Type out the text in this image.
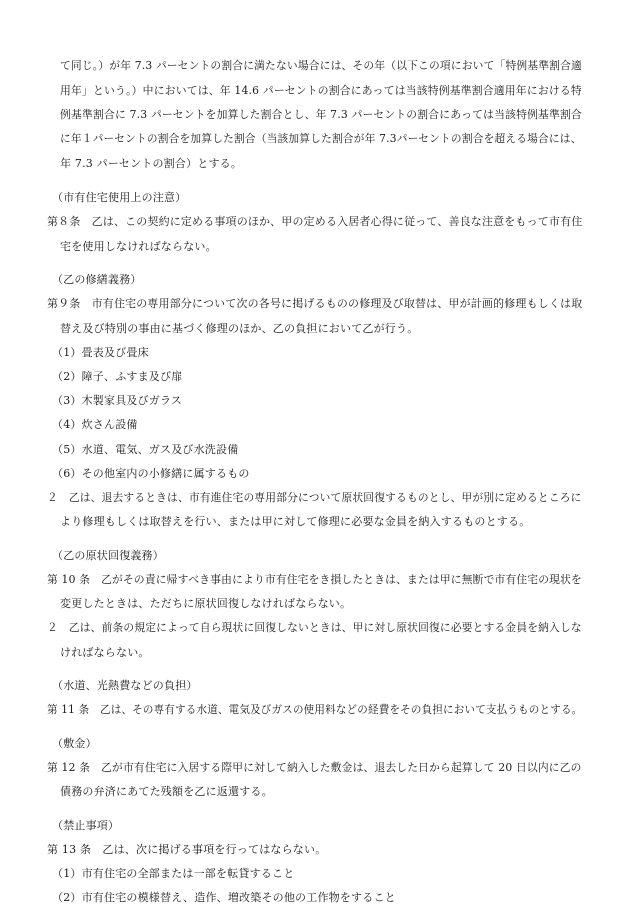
て同じ。）が年 7.3 パーセントの割合に満たない場合には、その年（以下この項において「特例基準割合適
用年」という。）中においては、年 14.6 パーセントの割合にあっては当該特例基準割合適用年における特
例基準割合に 7.3 パーセントを加算した割合とし、年 7.3 パーセントの割合にあっては当該特例基準割合
に年１パーセントの割合を加算した割合（当該加算した割合が年 7.3パーセントの割合を超える場合には、
年 7.3 パーセントの割合）とする。
（市有住宅使用上の注意）
第８条　乙は、この契約に定める事項のほか、甲の定める入居者心得に従って、善良な注意をもって市有住
宅を使用しなければならない。
（乙の修繕義務）
第９条　市有住宅の専用部分について次の各号に掲げるものの修理及び取替は、甲が計画的修理もしくは取
替え及び特別の事由に基づく修理のほか、乙の負担において乙が行う。
（1）畳表及び畳床
（2）障子、ふすま及び扉
（3）木製家具及びガラス
（4）炊さん設備
（5）水道、電気、ガス及び水洗設備
（6）その他室内の小修繕に属するもの
２　乙は、退去するときは、市有進住宅の専用部分について原状回復するものとし、甲が別に定めるところに
より修理もしくは取替えを行い、または甲に対して修理に必要な金員を納入するものとする。
（乙の原状回復義務）
第 10 条　乙がその責に帰すべき事由により市有住宅をき損したときは、または甲に無断で市有住宅の現状を
変更したときは、ただちに原状回復しなければならない。
２　乙は、前条の規定によって自ら現状に回復しないときは、甲に対し原状回復に必要とする金員を納入しな
ければならない。
（水道、光熱費などの負担）
第 11 条　乙は、その専有する水道、電気及びガスの使用料などの経費をその負担において支払うものとする。
（敷金）
第 12 条　乙が市有住宅に入居する際甲に対して納入した敷金は、退去した日から起算して 20 日以内に乙の
債務の弁済にあてた残額を乙に返還する。
（禁止事項）
第 13 条　乙は、次に掲げる事項を行ってはならない。
（1）市有住宅の全部または一部を転貸すること
（2）市有住宅の模様替え、造作、増改築その他の工作物をすること
